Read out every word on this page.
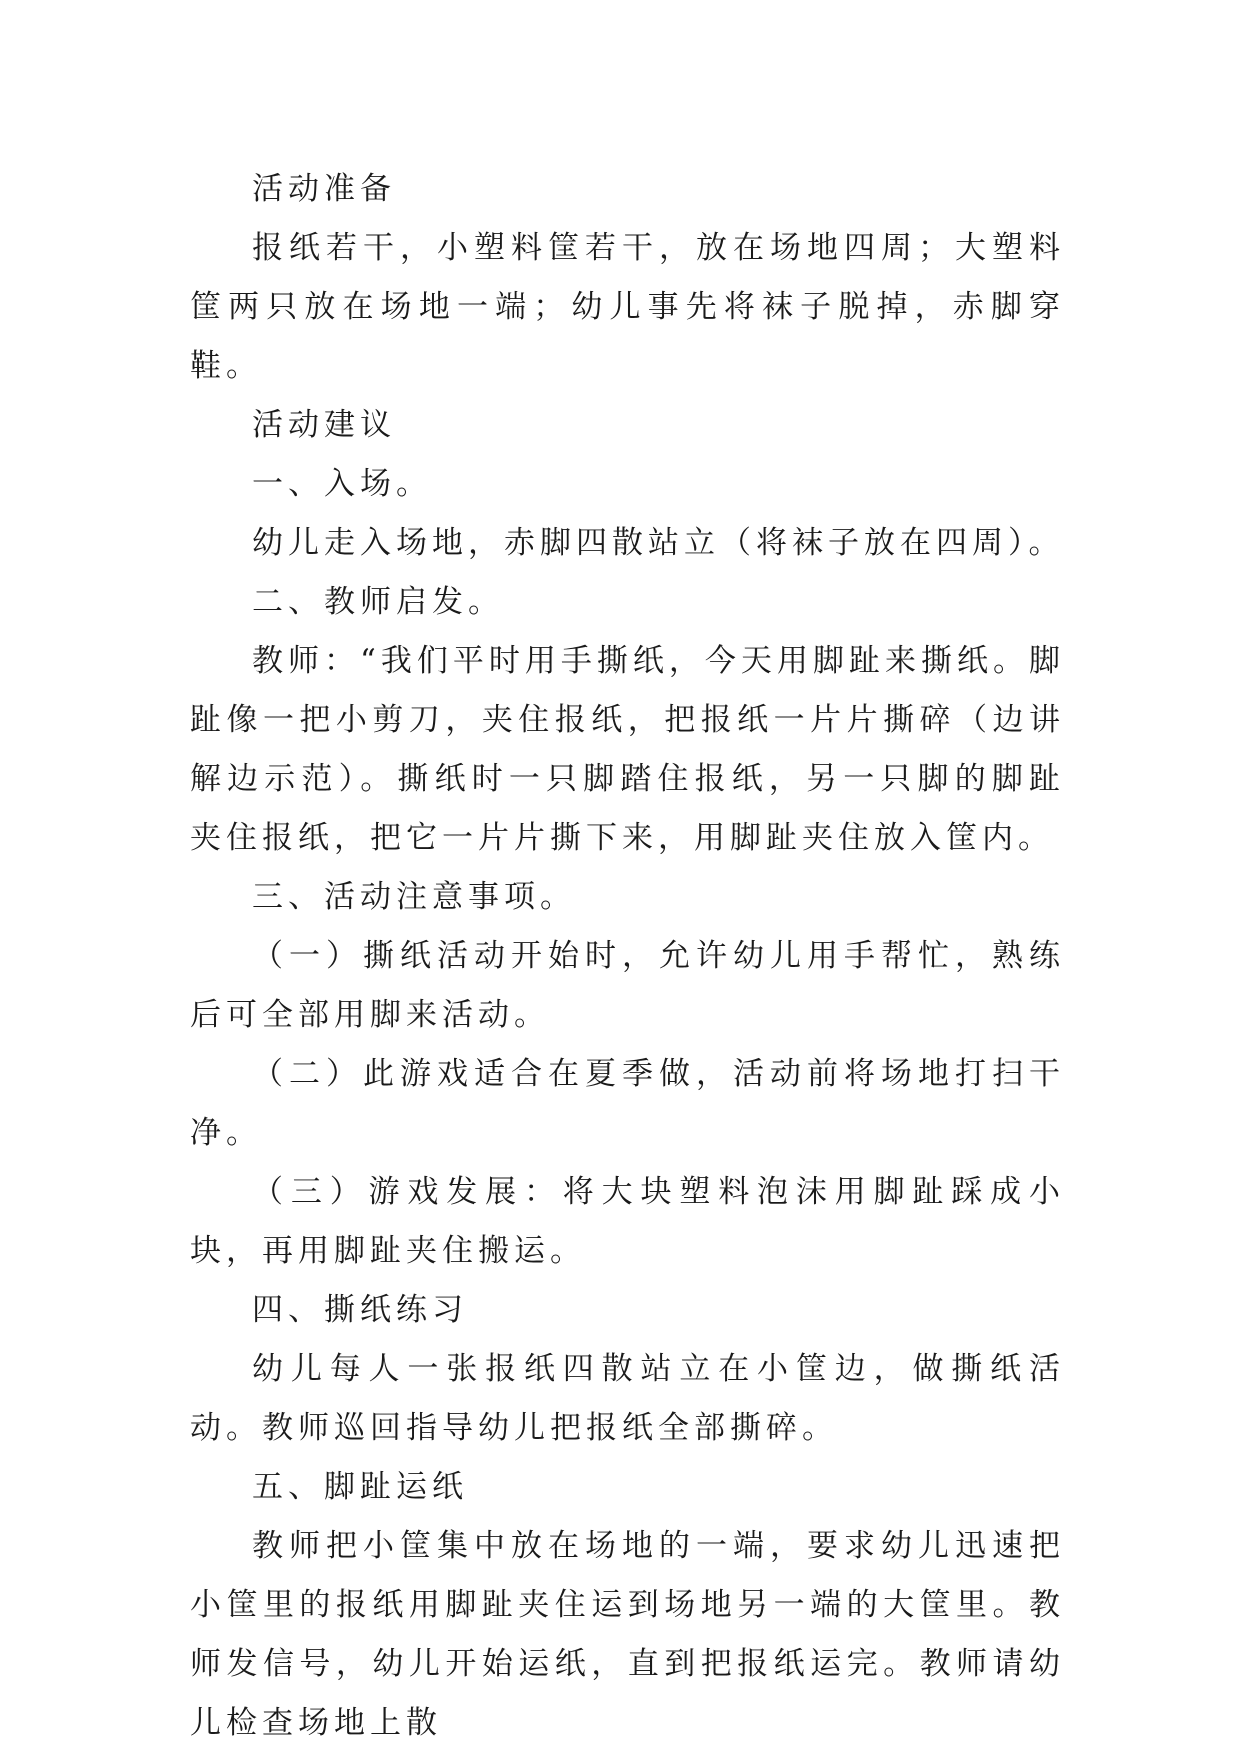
活动准备

报纸若干，小塑料筐若干，放在场地四周；大塑料筐两只放在场地一端；幼儿事先将袜子脱掉，赤脚穿鞋。

活动建议

一、入场。

幼儿走入场地，赤脚四散站立（将袜子放在四周）。

二、教师启发。

教师：“我们平时用手撕纸，今天用脚趾来撕纸。脚趾像一把小剪刀，夹住报纸，把报纸一片片撕碎（边讲解边示范）。撕纸时一只脚踏住报纸，另一只脚的脚趾夹住报纸，把它一片片撕下来，用脚趾夹住放入筐内。

三、活动注意事项。

（一）撕纸活动开始时，允许幼儿用手帮忙，熟练后可全部用脚来活动。

（二）此游戏适合在夏季做，活动前将场地打扫干净。

（三）游戏发展：将大块塑料泡沫用脚趾踩成小块，再用脚趾夹住搬运。

四、撕纸练习

幼儿每人一张报纸四散站立在小筐边，做撕纸活动。教师巡回指导幼儿把报纸全部撕碎。

五、脚趾运纸

教师把小筐集中放在场地的一端，要求幼儿迅速把小筐里的报纸用脚趾夹住运到场地另一端的大筐里。教师发信号，幼儿开始运纸，直到把报纸运完。教师请幼儿检查场地上散
